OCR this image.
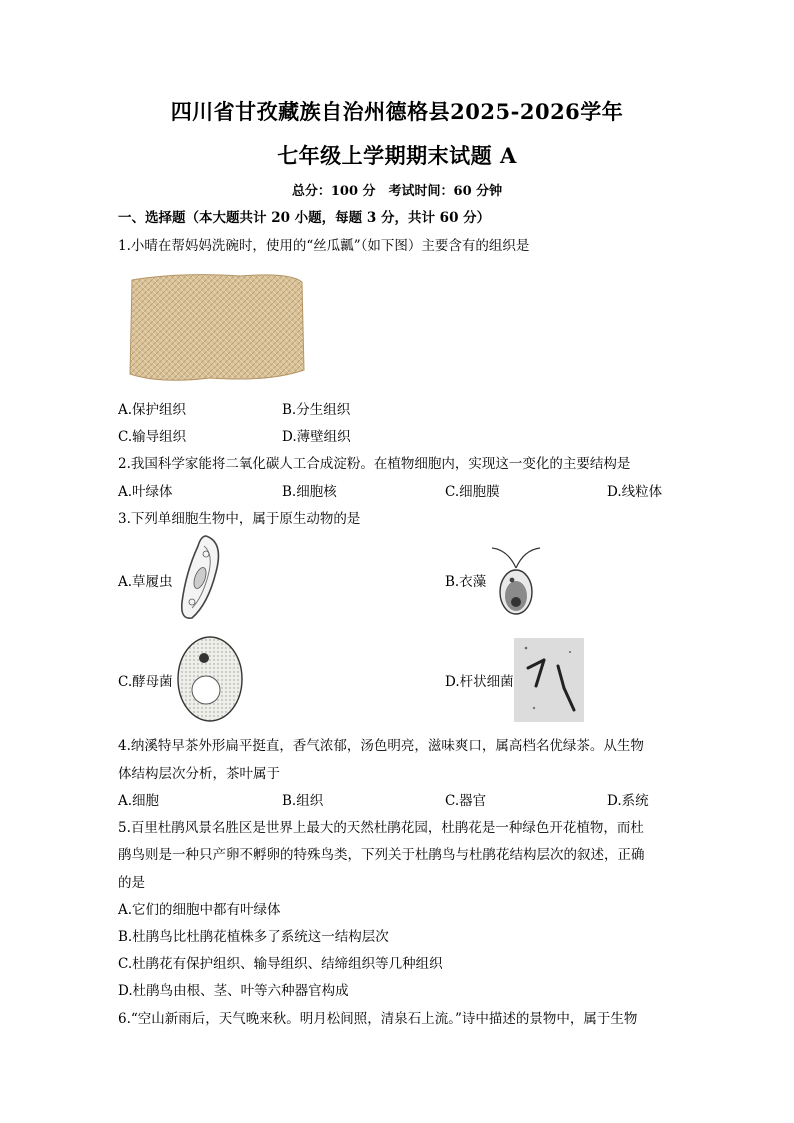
四川省甘孜藏族自治州德格县2025-2026学年
七年级上学期期末试题 A
总分：100 分　考试时间：60 分钟
一、选择题（本大题共计 20 小题，每题 3 分，共计 60 分）
1.小晴在帮妈妈洗碗时，使用的“丝瓜瓤”（如下图）主要含有的组织是
A.保护组织	B.分生组织
C.输导组织	D.薄壁组织
2.我国科学家能将二氧化碳人工合成淀粉。在植物细胞内，实现这一变化的主要结构是
A.叶绿体	B.细胞核	C.细胞膜	D.线粒体
3.下列单细胞生物中，属于原生动物的是
A.草履虫	B.衣藻
C.酵母菌	D.杆状细菌
4.纳溪特早茶外形扁平挺直，香气浓郁，汤色明亮，滋味爽口，属高档名优绿茶。从生物
体结构层次分析，茶叶属于
A.细胞	B.组织	C.器官	D.系统
5.百里杜鹃风景名胜区是世界上最大的天然杜鹃花园，杜鹃花是一种绿色开花植物，而杜
鹃鸟则是一种只产卵不孵卵的特殊鸟类，下列关于杜鹃鸟与杜鹃花结构层次的叙述，正确
的是
A.它们的细胞中都有叶绿体
B.杜鹃鸟比杜鹃花植株多了系统这一结构层次
C.杜鹃花有保护组织、输导组织、结缔组织等几种组织
D.杜鹃鸟由根、茎、叶等六种器官构成
6.“空山新雨后，天气晚来秋。明月松间照，清泉石上流。”诗中描述的景物中，属于生物
